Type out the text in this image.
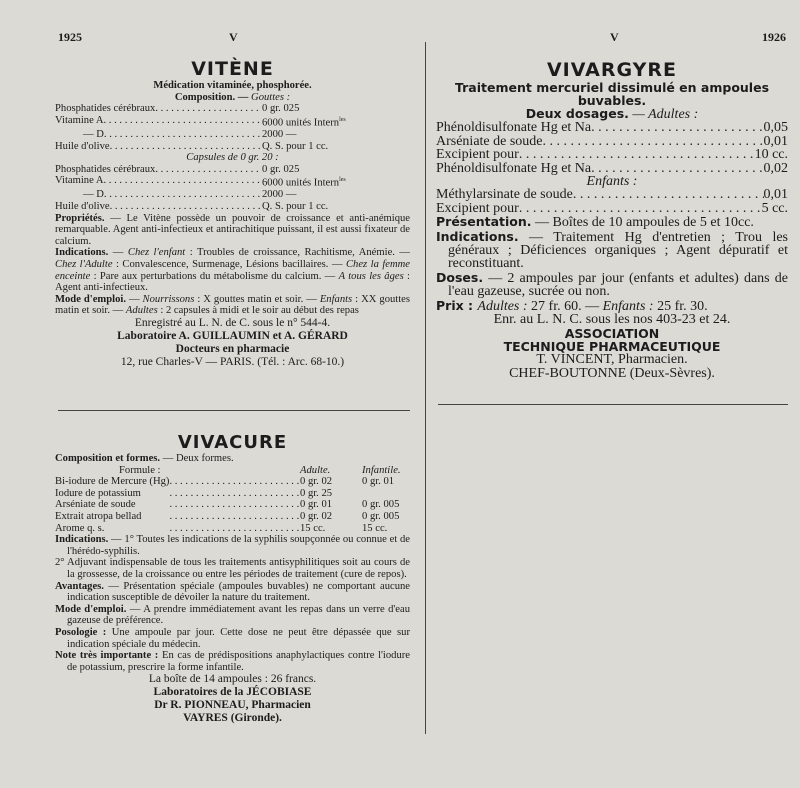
1925	V	V	1926
VITÈNE
Médication vitaminée, phosphorée.
Composition. — Gouttes :
Phosphatides cérébraux . . .	0 gr. 025
Vitamine A . . .	6000 unités Intern$^{les}$
— D . . .	2000 —
Huile d'olive . . .	Q. S. pour 1 cc.
Capsules de 0 gr. 20 :
Phosphatides cérébraux . . .	0 gr. 025
Vitamine A . . .	6000 unités Intern$^{les}$
— D . . .	2000 —
Huile d'olive . . .	Q. S. pour 1 cc.
Propriétés. — Le Vitène possède un pouvoir de croissance et anti-anémique remarquable. Agent anti-infectieux et antirachitique puissant, il est aussi fixateur de calcium.
Indications. — Chez l'enfant : Troubles de croissance, Rachitisme, Anémie. — Chez l'Adulte : Convalescence, Surmenage, Lésions bacillaires. — Chez la femme enceinte : Pare aux perturbations du métabolisme du calcium. — A tous les âges : Agent anti-infectieux.
Mode d'emploi. — Nourrissons : X gouttes matin et soir. — Enfants : XX gouttes matin et soir. — Adultes : 2 capsules à midi et le soir au début des repas
Enregistré au L. N. de C. sous le n° 544-4.
Laboratoire A. GUILLAUMIN et A. GÉRARD
Docteurs en pharmacie
12, rue Charles-V — PARIS. (Tél. : Arc. 68-10.)
VIVACURE
Composition et formes. — Deux formes.
Formule :	Adulte.	Infantile.
Bi-iodure de Mercure (Hg) . . .	0 gr. 02	0 gr. 01
Iodure de potassium . . .	0 gr. 25
Arséniate de soude . . .	0 gr. 01	0 gr. 005
Extrait atropa bellad . . .	0 gr. 02	0 gr. 005
Arome q. s. . . .	15 cc.	15 cc.
Indications. — 1° Toutes les indications de la syphilis soupçonnée ou connue et de l'hérédo-syphilis.
2° Adjuvant indispensable de tous les traitements antisyphilitiques soit au cours de la grossesse, de la croissance ou entre les périodes de traitement (cure de repos).
Avantages. — Présentation spéciale (ampoules buvables) ne comportant aucune indication susceptible de dévoiler la nature du traitement.
Mode d'emploi. — A prendre immédiatement avant les repas dans un verre d'eau gazeuse de préférence.
Posologie : Une ampoule par jour. Cette dose ne peut être dépassée que sur indication spéciale du médecin.
Note très importante : En cas de prédispositions anaphylactiques contre l'iodure de potassium, prescrire la forme infantile.
La boîte de 14 ampoules : 26 francs.
Laboratoires de la JÉCOBIASE
Dr R. PIONNEAU, Pharmacien
VAYRES (Gironde).
VIVARGYRE
Traitement mercuriel dissimulé en ampoules buvables.
Deux dosages. — Adultes :
Phénoldisulfonate Hg et Na . . .	0,05
Arséniate de soude . . .	0,01
Excipient pour . . .	10 cc.
Phénoldisulfonate Hg et Na . . .	0,02
Enfants :
Méthylarsinate de soude . . .	0,01
Excipient pour . . .	5 cc.
Présentation. — Boîtes de 10 ampoules de 5 et 10cc.
Indications. — Traitement Hg d'entretien ; Trou les généraux ; Déficiences organiques ; Agent dépuratif et reconstituant.
Doses. — 2 ampoules par jour (enfants et adultes) dans de l'eau gazeuse, sucrée ou non.
Prix : Adultes : 27 fr. 60. — Enfants : 25 fr. 30.
Enr. au L. N. C. sous les nos 403-23 et 24.
ASSOCIATION
TECHNIQUE PHARMACEUTIQUE
T. VINCENT, Pharmacien.
CHEF-BOUTONNE (Deux-Sèvres).
